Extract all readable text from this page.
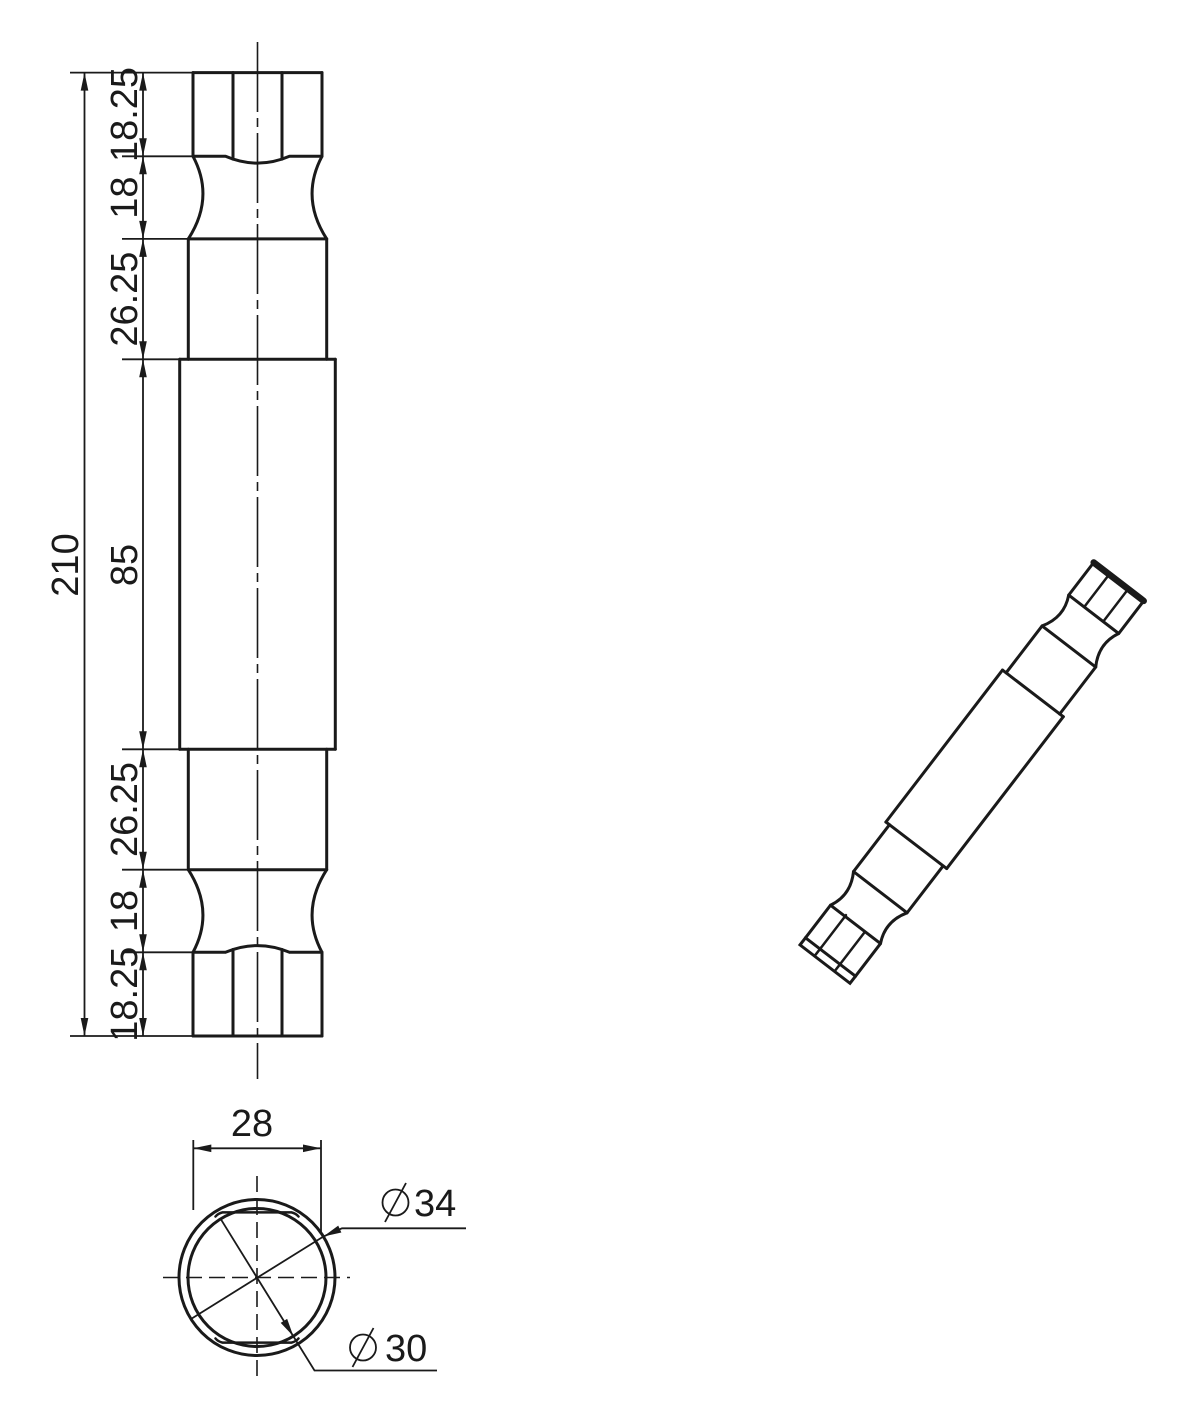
18.25
18
26.25
85
26.25
18
18.25
210
28
34
30
